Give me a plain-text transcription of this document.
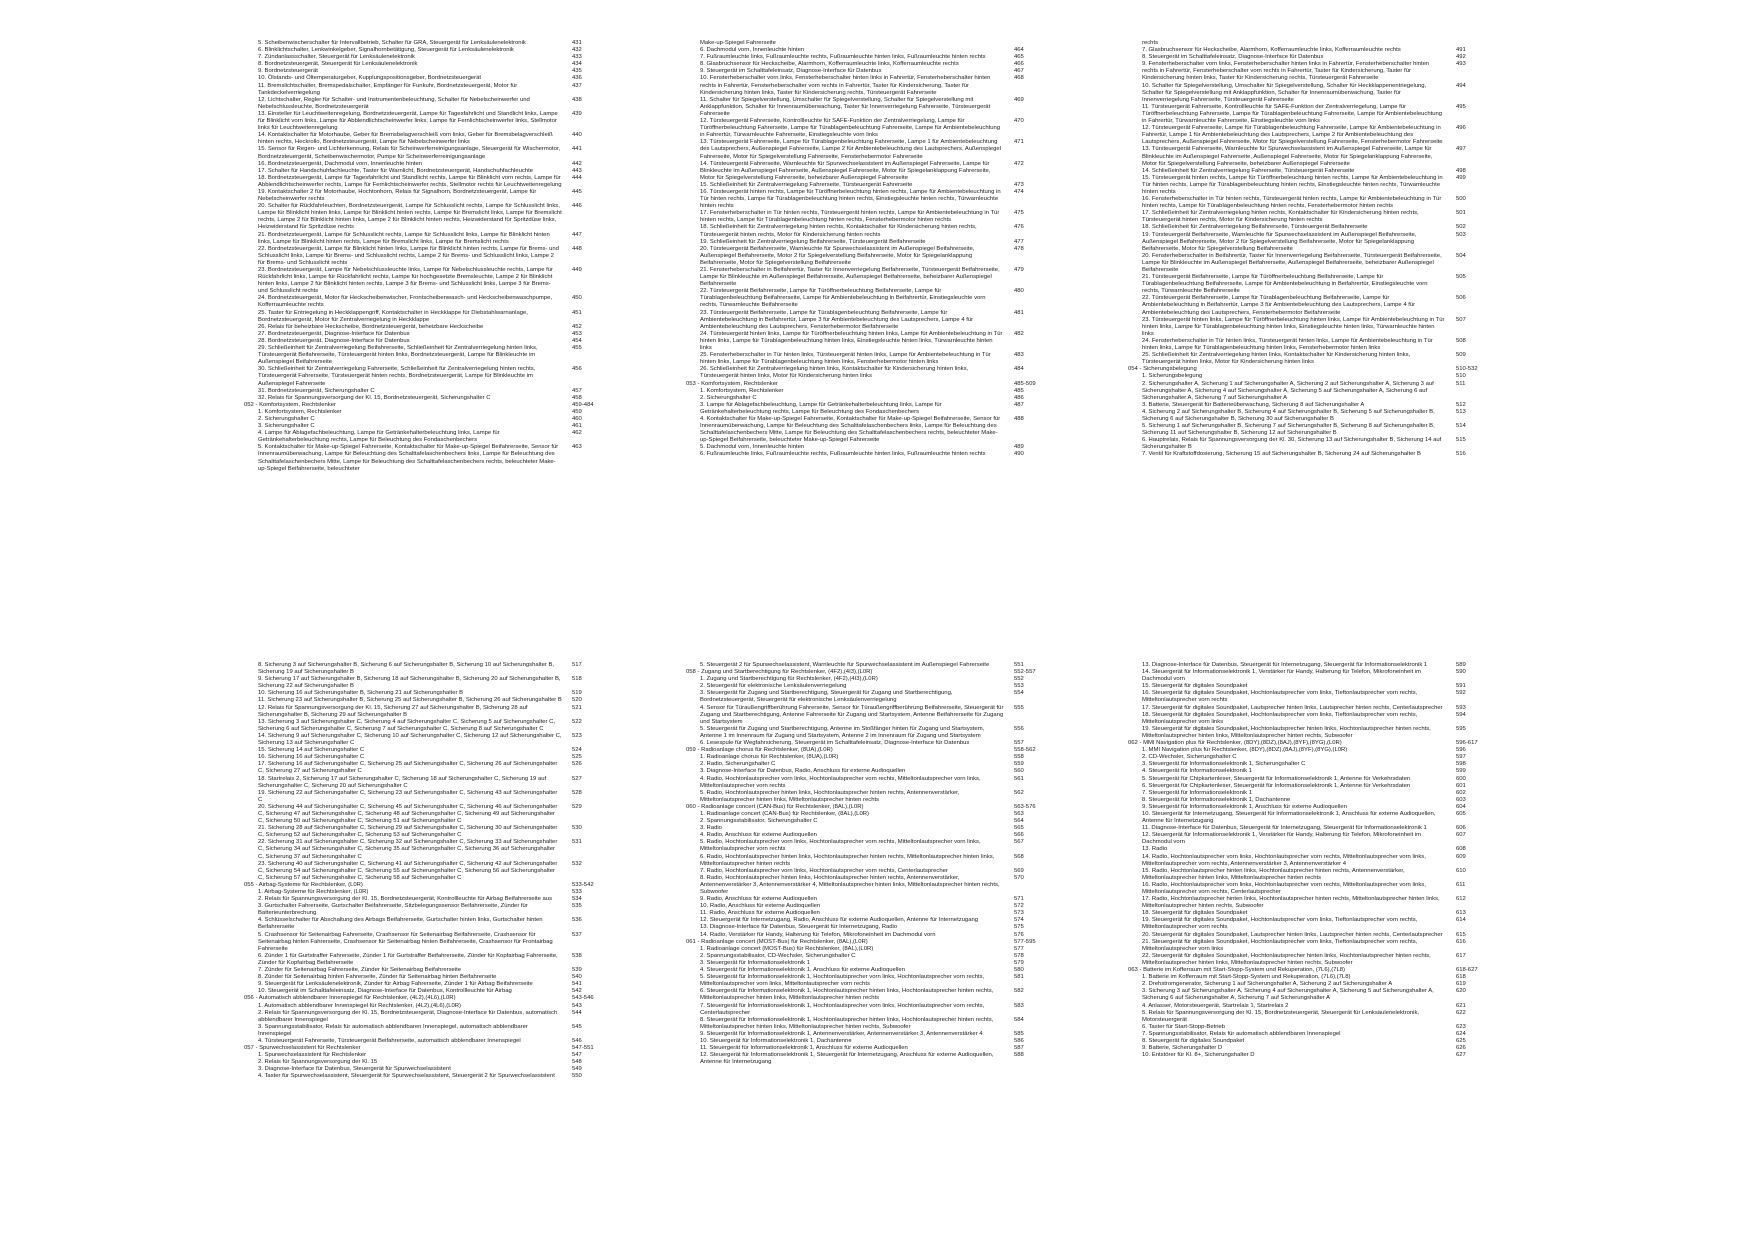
5. Scheibenwischerschalter für Intervallbetrieb, Schalter für GRA, Steuergerät für Lenksäulenelektronik	431
6. Blinklichtschalter, Lenkwinkelgeber, Signalhornbetätigung, Steuergerät für Lenksäulenelektronik	432
7. Zündanlassschalter, Steuergerät für Lenksäulenelektronik	433
8. Bordnetzsteuergerät, Steuergerät für Lenksäulenelektronik	434
9. Bordnetzsteuergerät	435
10. Ölstands- und Öltemperaturgeber, Kupplungspositionsgeber, Bordnetzsteuergerät	436
11. Bremslichtschalter, Bremspedalschalter, Empfänger für Funkuhr, Bordnetzsteuergerät, Motor für Tankdeckelverriegelung
437
12. Lichtschalter, Regler für Schalter- und Instrumentenbeleuchtung, Schalter für Nebelscheinwerfer und Nebelschlussleuchte, Bordnetzsteuergerät
438
13. Einsteller für Leuchtweitenregelung, Bordnetzsteuergerät, Lampe für Tagesfahrlicht und Standlicht links, Lampe für Blinklicht vorn links, Lampe für Abblendlichtscheinwerfer links, Lampe für Fernlichtscheinwerfer links, Stellmotor links für Leuchtweitenregelung
439
14. Kontaktschalter für Motorhaube, Geber für Bremsbelagverschleiß vorn links, Geber für Bremsbelagverschleiß hinten rechts, Heckrollo, Bordnetzsteuergerät, Lampe für Nebelscheinwerfer links
440
15. Sensor für Regen- und Lichterkennung, Relais für Scheinwerferreinigungsanlage, Steuergerät für Wischermotor, Bordnetzsteuergerät, Scheibenwischermotor, Pumpe für Scheinwerferreinigungsanlage
441
16. Bordnetzsteuergerät, Dachmodul vorn, Innenleuchte hinten	442
17. Schalter für Handschuhfachleuchte, Taster für Warnlicht, Bordnetzsteuergerät, Handschuhfachleuchte	443
18. Bordnetzsteuergerät, Lampe für Tagesfahrlicht und Standlicht rechts, Lampe für Blinklicht vorn rechts, Lampe für Abblendlichtscheinwerfer rechts, Lampe für Fernlichtscheinwerfer rechts, Stellmotor rechts für Leuchtweitenregelung
444
19. Kontaktschalter 2 für Motorhaube, Hochtonhorn, Relais für Signalhorn, Bordnetzsteuergerät, Lampe für Nebelscheinwerfer rechts
445
20. Schalter für Rückfahrleuchten, Bordnetzsteuergerät, Lampe für Schlusslicht rechts, Lampe für Schlusslicht links, Lampe für Blinklicht hinten links, Lampe für Blinklicht hinten rechts, Lampe für Bremslicht links, Lampe für Bremslicht rechts, Lampe 2 für Blinklicht hinten links, Lampe 2 für Blinklicht hinten rechts, Heizwiderstand für Spritzdüse links, Heizwiderstand für Spritzdüse rechts
446
21. Bordnetzsteuergerät, Lampe für Schlusslicht rechts, Lampe für Schlusslicht links, Lampe für Blinklicht hinten links, Lampe für Blinklicht hinten rechts, Lampe für Bremslicht links, Lampe für Bremslicht rechts
447
22. Bordnetzsteuergerät, Lampe für Blinklicht hinten links, Lampe für Blinklicht hinten rechts, Lampe für Brems- und Schlusslicht links, Lampe für Brems- und Schlusslicht rechts, Lampe 2 für Brems- und Schlusslicht links, Lampe 2 für Brems- und Schlusslicht rechts
448
23. Bordnetzsteuergerät, Lampe für Nebelschlussleuchte links, Lampe für Nebelschlussleuchte rechts, Lampe für Rückfahrlicht links, Lampe für Rückfahrlicht rechts, Lampe für hochgesetzte Bremsleuchte, Lampe 2 für Blinklicht hinten links, Lampe 2 für Blinklicht hinten rechts, Lampe 3 für Brems- und Schlusslicht links, Lampe 3 für Brems- und Schlusslicht rechts
449
24. Bordnetzsteuergerät, Motor für Heckscheibenwischer, Frontscheibenwasch- und Heckscheibenwaschpumpe, Kofferraumleuchte rechts
450
25. Taster für Entriegelung in Heckklappengriff, Kontaktschalter in Heckklappe für Diebstahlwarnanlage, Bordnetzsteuergerät, Motor für Zentralverriegelung in Heckklappe
451
26. Relais für beheizbare Heckscheibe, Bordnetzsteuergerät, beheizbare Heckscheibe	452
27. Bordnetzsteuergerät, Diagnose-Interface für Datenbus	453
28. Bordnetzsteuergerät, Diagnose-Interface für Datenbus	454
29. Schließeinheit für Zentralverriegelung Beifahrerseite, Schließeinheit für Zentralverriegelung hinten links, Türsteuergerät Beifahrerseite, Türsteuergerät hinten links, Bordnetzsteuergerät, Lampe für Blinkleuchte im Außenspiegel Beifahrerseite
455
30. Schließeinheit für Zentralverriegelung Fahrerseite, Schließeinheit für Zentralverriegelung hinten rechts, Türsteuergerät Fahrerseite, Türsteuergerät hinten rechts, Bordnetzsteuergerät, Lampe für Blinkleuchte im Außenspiegel Fahrerseite
456
31. Bordnetzsteuergerät, Sicherungshalter C	457
32. Relais für Spannungsversorgung der Kl. 15, Bordnetzsteuergerät, Sicherungshalter C	458
052 - Komfortsystem, Rechtslenker	459-484
1. Komfortsystem, Rechtslenker	459
2. Sicherungshalter C	460
3. Sicherungshalter C	461
4. Lampe für Ablagefachbeleuchtung, Lampe für Getränkehalterbeleuchtung links, Lampe für Getränkehalterbeleuchtung rechts, Lampe für Beleuchtung des Fondaschenbechers
462
5. Kontaktschalter für Make-up-Spiegel Fahrerseite, Kontaktschalter für Make-up-Spiegel Beifahrerseite, Sensor für Innenraumüberwachung, Lampe für Beleuchtung des Schalttafelaschenbechers links, Lampe für Beleuchtung des Schalttafelaschenbechers Mitte, Lampe für Beleuchtung des Schalttafelaschenbechers rechts, beleuchteter Make-up-Spiegel Beifahrerseite, beleuchteter
463
Make-up-Spiegel Fahrerseite
6. Dachmodul vorn, Innenleuchte hinten	464
7. Fußraumleuchte links, Fußraumleuchte rechts, Fußraumleuchte hinten links, Fußraumleuchte hinten rechts	465
8. Glasbruchsensor für Heckscheibe, Alarmhorn, Kofferraumleuchte links, Kofferraumleuchte rechts	466
9. Steuergerät im Schalttafeleinsatz, Diagnose-Interface für Datenbus	467
10. Fensterheberschalter vorn links, Fensterheberschalter hinten links in Fahrertür, Fensterheberschalter hinten rechts in Fahrertür, Fensterheberschalter vorn rechts in Fahrertür, Taster für Kindersicherung, Taster für Kindersicherung hinten links, Taster für Kindersicherung rechts, Türsteuergerät Fahrerseite
468
11. Schalter für Spiegelverstellung, Umschalter für Spiegelverstellung, Schalter für Spiegelverstellung mit Anklappfunktion, Schalter für Innenraumüberwachung, Taster für Innenverriegelung Fahrerseite, Türsteuergerät Fahrerseite
469
12. Türsteuergerät Fahrerseite, Kontrollleuchte für SAFE-Funktion der Zentralverriegelung, Lampe für Türöffnerbeleuchtung Fahrerseite, Lampe für Türablagenbeleuchtung Fahrerseite, Lampe für Ambientebeleuchtung in Fahrertür, Türwarnleuchte Fahrerseite, Einstiegsleuchte vorn links
470
13. Türsteuergerät Fahrerseite, Lampe für Türablagenbeleuchtung Fahrerseite, Lampe 1 für Ambientebeleuchtung des Lautsprechers, Außenspiegel Fahrerseite, Lampe 2 für Ambientebeleuchtung des Lautsprechers, Außenspiegel Fahrerseite, Motor für Spiegelverstellung Fahrerseite, Fensterhebermotor Fahrerseite
471
14. Türsteuergerät Fahrerseite, Warnleuchte für Spurwechselassistent im Außenspiegel Fahrerseite, Lampe für Blinkleuchte im Außenspiegel Fahrerseite, Außenspiegel Fahrerseite, Motor für Spiegelanklappung Fahrerseite, Motor für Spiegelverstellung Fahrerseite, beheizbarer Außenspiegel Fahrerseite
472
15. Schließeinheit für Zentralverriegelung Fahrerseite, Türsteuergerät Fahrerseite	473
16. Türsteuergerät hinten rechts, Lampe für Türöffnerbeleuchtung hinten rechts, Lampe für Ambientebeleuchtung in Tür hinten rechts, Lampe für Türablagenbeleuchtung hinten rechts, Einstiegsleuchte hinten rechts, Türwarnleuchte hinten rechts
474
17. Fensterheberschalter in Tür hinten rechts, Türsteuergerät hinten rechts, Lampe für Ambientebeleuchtung in Tür hinten rechts, Lampe für Türablagenbeleuchtung hinten rechts, Fensterhebermotor hinten rechts
475
18. Schließeinheit für Zentralverriegelung hinten rechts, Kontaktschalter für Kindersicherung hinten rechts, Türsteuergerät hinten rechts, Motor für Kindersicherung hinten rechts
476
19. Schließeinheit für Zentralverriegelung Beifahrerseite, Türsteuergerät Beifahrerseite	477
20. Türsteuergerät Beifahrerseite, Warnleuchte für Spurwechselassistent im Außenspiegel Beifahrerseite, Außenspiegel Beifahrerseite, Motor 2 für Spiegelverstellung Beifahrerseite, Motor für Spiegelanklappung Beifahrerseite, Motor für Spiegelverstellung Beifahrerseite
478
21. Fensterheberschalter in Beifahrertür, Taster für Innenverriegelung Beifahrerseite, Türsteuergerät Beifahrerseite, Lampe für Blinkleuchte im Außenspiegel Beifahrerseite, Außenspiegel Beifahrerseite, beheizbarer Außenspiegel Beifahrerseite
479
22. Türsteuergerät Beifahrerseite, Lampe für Türöffnerbeleuchtung Beifahrerseite, Lampe für Türablagenbeleuchtung Beifahrerseite, Lampe für Ambientebeleuchtung in Beifahrertür, Einstiegsleuchte vorn rechts, Türwarnleuchte Beifahrerseite
480
23. Türsteuergerät Beifahrerseite, Lampe für Türablagenbeleuchtung Beifahrerseite, Lampe für Ambientebeleuchtung in Beifahrertür, Lampe 3 für Ambientebeleuchtung des Lautsprechers, Lampe 4 für Ambientebeleuchtung des Lautsprechers, Fensterhebermotor Beifahrerseite
481
24. Türsteuergerät hinten links, Lampe für Türöffnerbeleuchtung hinten links, Lampe für Ambientebeleuchtung in Tür hinten links, Lampe für Türablagenbeleuchtung hinten links, Einstiegsleuchte hinten links, Türwarnleuchte hinten links
482
25. Fensterheberschalter in Tür hinten links, Türsteuergerät hinten links, Lampe für Ambientebeleuchtung in Tür hinten links, Lampe für Türablagenbeleuchtung hinten links, Fensterhebermotor hinten links
483
26. Schließeinheit für Zentralverriegelung hinten links, Kontaktschalter für Kindersicherung hinten links, Türsteuergerät hinten links, Motor für Kindersicherung hinten links
484
053 - Komfortsystem, Rechtslenker	485-509
1. Komfortsystem, Rechtslenker	485
2. Sicherungshalter C	486
3. Lampe für Ablagefachbeleuchtung, Lampe für Getränkehalterbeleuchtung links, Lampe für Getränkehalterbeleuchtung rechts, Lampe für Beleuchtung des Fondaschenbechers
487
4. Kontaktschalter für Make-up-Spiegel Fahrerseite, Kontaktschalter für Make-up-Spiegel Beifahrerseite, Sensor für Innenraumüberwachung, Lampe für Beleuchtung des Schalttafelaschenbechers links, Lampe für Beleuchtung des Schalttafelaschenbechers Mitte, Lampe für Beleuchtung des Schalttafelaschenbechers rechts, beleuchteter Make-up-Spiegel Beifahrerseite, beleuchteter Make-up-Spiegel Fahrerseite
488
5. Dachmodul vorn, Innenleuchte hinten	489
6. Fußraumleuchte links, Fußraumleuchte rechts, Fußraumleuchte hinten links, Fußraumleuchte hinten rechts	490
rechts
7. Glasbruchsensor für Heckscheibe, Alarmhorn, Kofferraumleuchte links, Kofferraumleuchte rechts	491
8. Steuergerät im Schalttafeleinsatz, Diagnose-Interface für Datenbus	492
9. Fensterheberschalter vorn links, Fensterheberschalter hinten links in Fahrertür, Fensterheberschalter hinten rechts in Fahrertür, Fensterheberschalter vorn rechts in Fahrertür, Taster für Kindersicherung, Taster für Kindersicherung hinten links, Taster für Kindersicherung rechts, Türsteuergerät Fahrerseite
493
10. Schalter für Spiegelverstellung, Umschalter für Spiegelverstellung, Schalter für Heckklappenentriegelung, Schalter für Spiegelverstellung mit Anklappfunktion, Schalter für Innenraumüberwachung, Taster für Innenverriegelung Fahrerseite, Türsteuergerät Fahrerseite
494
11. Türsteuergerät Fahrerseite, Kontrollleuchte für SAFE-Funktion der Zentralverriegelung, Lampe für Türöffnerbeleuchtung Fahrerseite, Lampe für Türablagenbeleuchtung Fahrerseite, Lampe für Ambientebeleuchtung in Fahrertür, Türwarnleuchte Fahrerseite, Einstiegsleuchte vorn links
495
12. Türsteuergerät Fahrerseite, Lampe für Türablagenbeleuchtung Fahrerseite, Lampe für Ambientebeleuchtung in Fahrertür, Lampe 1 für Ambientebeleuchtung des Lautsprechers, Lampe 2 für Ambientebeleuchtung des Lautsprechers, Außenspiegel Fahrerseite, Motor für Spiegelverstellung Fahrerseite, Fensterhebermotor Fahrerseite
496
13. Türsteuergerät Fahrerseite, Warnleuchte für Spurwechselassistent im Außenspiegel Fahrerseite, Lampe für Blinkleuchte im Außenspiegel Fahrerseite, Außenspiegel Fahrerseite, Motor für Spiegelanklappung Fahrerseite, Motor für Spiegelverstellung Fahrerseite, beheizbarer Außenspiegel Fahrerseite
497
14. Schließeinheit für Zentralverriegelung Fahrerseite, Türsteuergerät Fahrerseite	498
15. Türsteuergerät hinten rechts, Lampe für Türöffnerbeleuchtung hinten rechts, Lampe für Ambientebeleuchtung in Tür hinten rechts, Lampe für Türablagenbeleuchtung hinten rechts, Einstiegsleuchte hinten rechts, Türwarnleuchte hinten rechts
499
16. Fensterheberschalter in Tür hinten rechts, Türsteuergerät hinten rechts, Lampe für Ambientebeleuchtung in Tür hinten rechts, Lampe für Türablagenbeleuchtung hinten rechts, Fensterhebermotor hinten rechts
500
17. Schließeinheit für Zentralverriegelung hinten rechts, Kontaktschalter für Kindersicherung hinten rechts, Türsteuergerät hinten rechts, Motor für Kindersicherung hinten rechts
501
18. Schließeinheit für Zentralverriegelung Beifahrerseite, Türsteuergerät Beifahrerseite	502
19. Türsteuergerät Beifahrerseite, Warnleuchte für Spurwechselassistent im Außenspiegel Beifahrerseite, Außenspiegel Beifahrerseite, Motor 2 für Spiegelverstellung Beifahrerseite, Motor für Spiegelanklappung Beifahrerseite, Motor für Spiegelverstellung Beifahrerseite
503
20. Fensterheberschalter in Beifahrertür, Taster für Innenverriegelung Beifahrerseite, Türsteuergerät Beifahrerseite, Lampe für Blinkleuchte im Außenspiegel Beifahrerseite, Außenspiegel Beifahrerseite, beheizbarer Außenspiegel Beifahrerseite
504
21. Türsteuergerät Beifahrerseite, Lampe für Türöffnerbeleuchtung Beifahrerseite, Lampe für Türablagenbeleuchtung Beifahrerseite, Lampe für Ambientebeleuchtung in Beifahrertür, Einstiegsleuchte vorn rechts, Türwarnleuchte Beifahrerseite
505
22. Türsteuergerät Beifahrerseite, Lampe für Türablagenbeleuchtung Beifahrerseite, Lampe für Ambientebeleuchtung in Beifahrertür, Lampe 3 für Ambientebeleuchtung des Lautsprechers, Lampe 4 für Ambientebeleuchtung des Lautsprechers, Fensterhebermotor Beifahrerseite
506
23. Türsteuergerät hinten links, Lampe für Türöffnerbeleuchtung hinten links, Lampe für Ambientebeleuchtung in Tür hinten links, Lampe für Türablagenbeleuchtung hinten links, Einstiegsleuchte hinten links, Türwarnleuchte hinten links
507
24. Fensterheberschalter in Tür hinten links, Türsteuergerät hinten links, Lampe für Ambientebeleuchtung in Tür hinten links, Lampe für Türablagenbeleuchtung hinten links, Fensterhebermotor hinten links
508
25. Schließeinheit für Zentralverriegelung hinten links, Kontaktschalter für Kindersicherung hinten links, Türsteuergerät hinten links, Motor für Kindersicherung hinten links
509
054 - Sicherungsbelegung	510-532
1. Sicherungsbelegung	510
2. Sicherungshalter A, Sicherung 1 auf Sicherungshalter A, Sicherung 2 auf Sicherungshalter A, Sicherung 3 auf Sicherungshalter A, Sicherung 4 auf Sicherungshalter A, Sicherung 5 auf Sicherungshalter A, Sicherung 6 auf Sicherungshalter A, Sicherung 7 auf Sicherungshalter A
511
3. Batterie, Steuergerät für Batterieüberwachung, Sicherung 8 auf Sicherungshalter A	512
4. Sicherung 2 auf Sicherungshalter B, Sicherung 4 auf Sicherungshalter B, Sicherung 5 auf Sicherungshalter B, Sicherung 6 auf Sicherungshalter B, Sicherung 30 auf Sicherungshalter B
513
5. Sicherung 1 auf Sicherungshalter B, Sicherung 7 auf Sicherungshalter B, Sicherung 8 auf Sicherungshalter B, Sicherung 11 auf Sicherungshalter B, Sicherung 12 auf Sicherungshalter B
514
6. Hauptrelais, Relais für Spannungsversorgung der Kl. 30, Sicherung 13 auf Sicherungshalter B, Sicherung 14 auf Sicherungshalter B
515
7. Ventil für Kraftstoffdosierung, Sicherung 15 auf Sicherungshalter B, Sicherung 24 auf Sicherungshalter B	516
8. Sicherung 3 auf Sicherungshalter B, Sicherung 6 auf Sicherungshalter B, Sicherung 10 auf Sicherungshalter B, Sicherung 19 auf Sicherungshalter B
517
9. Sicherung 17 auf Sicherungshalter B, Sicherung 18 auf Sicherungshalter B, Sicherung 20 auf Sicherungshalter B, Sicherung 22 auf Sicherungshalter B
518
10. Sicherung 16 auf Sicherungshalter B, Sicherung 21 auf Sicherungshalter B	519
11. Sicherung 23 auf Sicherungshalter B, Sicherung 25 auf Sicherungshalter B, Sicherung 26 auf Sicherungshalter B	520
12. Relais für Spannungsversorgung der Kl. 15, Sicherung 27 auf Sicherungshalter B, Sicherung 28 auf Sicherungshalter B, Sicherung 29 auf Sicherungshalter B
521
13. Sicherung 3 auf Sicherungshalter C, Sicherung 4 auf Sicherungshalter C, Sicherung 5 auf Sicherungshalter C, Sicherung 6 auf Sicherungshalter C, Sicherung 7 auf Sicherungshalter C, Sicherung 8 auf Sicherungshalter C
522
14. Sicherung 9 auf Sicherungshalter C, Sicherung 10 auf Sicherungshalter C, Sicherung 12 auf Sicherungshalter C, Sicherung 13 auf Sicherungshalter C
523
15. Sicherung 14 auf Sicherungshalter C	524
16. Sicherung 16 auf Sicherungshalter C	525
17. Sicherung 16 auf Sicherungshalter C, Sicherung 25 auf Sicherungshalter C, Sicherung 26 auf Sicherungshalter C, Sicherung 27 auf Sicherungshalter C
526
18. Startrelais 2, Sicherung 17 auf Sicherungshalter C, Sicherung 18 auf Sicherungshalter C, Sicherung 19 auf Sicherungshalter C, Sicherung 20 auf Sicherungshalter C
527
19. Sicherung 22 auf Sicherungshalter C, Sicherung 23 auf Sicherungshalter C, Sicherung 43 auf Sicherungshalter C
528
20. Sicherung 44 auf Sicherungshalter C, Sicherung 45 auf Sicherungshalter C, Sicherung 46 auf Sicherungshalter C, Sicherung 47 auf Sicherungshalter C, Sicherung 48 auf Sicherungshalter C, Sicherung 49 auf Sicherungshalter C, Sicherung 50 auf Sicherungshalter C, Sicherung 51 auf Sicherungshalter C
529
21. Sicherung 28 auf Sicherungshalter C, Sicherung 29 auf Sicherungshalter C, Sicherung 30 auf Sicherungshalter C, Sicherung 52 auf Sicherungshalter C, Sicherung 53 auf Sicherungshalter C
530
22. Sicherung 31 auf Sicherungshalter C, Sicherung 32 auf Sicherungshalter C, Sicherung 33 auf Sicherungshalter C, Sicherung 34 auf Sicherungshalter C, Sicherung 35 auf Sicherungshalter C, Sicherung 36 auf Sicherungshalter C, Sicherung 37 auf Sicherungshalter C
531
23. Sicherung 40 auf Sicherungshalter C, Sicherung 41 auf Sicherungshalter C, Sicherung 42 auf Sicherungshalter C, Sicherung 54 auf Sicherungshalter C, Sicherung 55 auf Sicherungshalter C, Sicherung 56 auf Sicherungshalter C, Sicherung 57 auf Sicherungshalter C, Sicherung 58 auf Sicherungshalter C
532
055 - Airbag-Systeme für Rechtslenker, (L0R)	533-542
1. Airbag-Systeme für Rechtslenker, (L0R)	533
2. Relais für Spannungsversorgung der Kl. 15, Bordnetzsteuergerät, Kontrollleuchte für Airbag Beifahrerseite aus	534
3. Gurtschalter Fahrerseite, Gurtschalter Beifahrerseite, Sitzbelegungssensor Beifahrerseite, Zünder für Batterieunterbrechung
535
4. Schlüsselschalter für Abschaltung des Airbags Beifahrerseite, Gurtschalter hinten links, Gurtschalter hinten Beifahrerseite
536
5. Crashsensor für Seitenairbag Fahrerseite, Crashsensor für Seitenairbag Beifahrerseite, Crashsensor für Seitenairbag hinten Fahrerseite, Crashsensor für Seitenairbag hinten Beifahrerseite, Crashsensor für Frontairbag Fahrerseite
537
6. Zünder 1 für Gurtstraffer Fahrerseite, Zünder 1 für Gurtstraffer Beifahrerseite, Zünder für Kopfairbag Fahrerseite, Zünder für Kopfairbag Beifahrerseite
538
7. Zünder für Seitenairbag Fahrerseite, Zünder für Seitenairbag Beifahrerseite	539
8. Zünder für Seitenairbag hinten Fahrerseite, Zünder für Seitenairbag hinten Beifahrerseite	540
9. Steuergerät für Lenksäulenelektronik, Zünder für Airbag Fahrerseite, Zünder 1 für Airbag Beifahrerseite	541
10. Steuergerät im Schalttafeleinsatz, Diagnose-Interface für Datenbus, Kontrollleuchte für Airbag	542
056 - Automatisch abblendbarer Innenspiegel für Rechtslenker, (4L2),(4L6),(L0R)	543-546
1. Automatisch abblendbarer Innenspiegel für Rechtslenker, (4L2),(4L6),(L0R)	543
2. Relais für Spannungsversorgung der Kl. 15, Bordnetzsteuergerät, Diagnose-Interface für Datenbus, automatisch abblendbarer Innenspiegel
544
3. Spannungsstabilisator, Relais für automatisch abblendbaren Innenspiegel, automatisch abblendbarer Innenspiegel
545
4. Türsteuergerät Fahrerseite, Türsteuergerät Beifahrerseite, automatisch abblendbarer Innenspiegel	546
057 - Spurwechselassistent für Rechtslenker	547-551
1. Spurwechselassistent für Rechtslenker	547
2. Relais für Spannungsversorgung der Kl. 15	548
3. Diagnose-Interface für Datenbus, Steuergerät für Spurwechselassistent	549
4. Taster für Spurwechselassistent, Steuergerät für Spurwechselassistent, Steuergerät 2 für Spurwechselassistent	550
5. Steuergerät 2 für Spurwechselassistent, Warnleuchte für Spurwechselassistent im Außenspiegel Fahrerseite	551
058 - Zugang und Startberechtigung für Rechtslenker, (4F2),(4I3),(L0R)	552-557
1. Zugang und Startberechtigung für Rechtslenker, (4F2),(4I3),(L0R)	552
2. Steuergerät für elektronische Lenksäulenverriegelung	553
3. Steuergerät für Zugang und Startberechtigung, Steuergerät für Zugang und Startberechtigung, Bordnetzsteuergerät, Steuergerät für elektronische Lenksäulenverriegelung
554
4. Sensor für Türaußengriffberührung Fahrerseite, Sensor für Türaußengriffberührung Beifahrerseite, Steuergerät für Zugang und Startberechtigung, Antenne Fahrerseite für Zugang und Startsystem, Antenne Beifahrerseite für Zugang und Startsystem
555
5. Steuergerät für Zugang und Startberechtigung, Antenne im Stoßfänger hinten für Zugang und Startsystem, Antenne 1 im Innenraum für Zugang und Startsystem, Antenne 2 im Innenraum für Zugang und Startsystem
556
6. Lesespule für Wegfahrsicherung, Steuergerät im Schalttafeleinsatz, Diagnose-Interface für Datenbus	557
059 - Radioanlage chorus für Rechtslenker, (8UA),(L0R)	558-562
1. Radioanlage chorus für Rechtslenker, (8UA),(L0R)	558
2. Radio, Sicherungshalter C	559
3. Diagnose-Interface für Datenbus, Radio, Anschluss für externe Audioquellen	560
4. Radio, Hochtonlautsprecher vorn links, Hochtonlautsprecher vorn rechts, Mitteltonlautsprecher vorn links, Mitteltonlautsprecher vorn rechts
561
5. Radio, Hochtonlautsprecher hinten links, Hochtonlautsprecher hinten rechts, Antennenverstärker, Mitteltonlautsprecher hinten links, Mitteltonlautsprecher hinten rechts
562
060 - Radioanlage concert (CAN-Bus) für Rechtslenker, (8AL),(L0R)	563-576
1. Radioanlage concert (CAN-Bus) für Rechtslenker, (8AL),(L0R)	563
2. Spannungsstabilisator, Sicherungshalter C	564
3. Radio	565
4. Radio, Anschluss für externe Audioquellen	566
5. Radio, Hochtonlautsprecher vorn links, Hochtonlautsprecher vorn rechts, Mitteltonlautsprecher vorn links, Mitteltonlautsprecher vorn rechts
567
6. Radio, Hochtonlautsprecher hinten links, Hochtonlautsprecher hinten rechts, Mitteltonlautsprecher hinten links, Mitteltonlautsprecher hinten rechts
568
7. Radio, Hochtonlautsprecher vorn links, Hochtonlautsprecher vorn rechts, Centerlautsprecher	569
8. Radio, Hochtonlautsprecher hinten links, Hochtonlautsprecher hinten rechts, Antennenverstärker, Antennenverstärker 3, Antennenverstärker 4, Mitteltonlautsprecher hinten links, Mitteltonlautsprecher hinten rechts, Subwoofer
570
9. Radio, Anschluss für externe Audioquellen	571
10. Radio, Anschluss für externe Audioquellen	572
11. Radio, Anschluss für externe Audioquellen	573
12. Steuergerät für Internetzugang, Radio, Anschluss für externe Audioquellen, Antenne für Internetzugang	574
13. Diagnose-Interface für Datenbus, Steuergerät für Internetzugang, Radio	575
14. Radio, Verstärker für Handy, Halterung für Telefon, Mikrofoneinheit im Dachmodul vorn	576
061 - Radioanlage concert (MOST-Bus) für Rechtslenker, (8AL),(L0R)	577-595
1. Radioanlage concert (MOST-Bus) für Rechtslenker, (8AL),(L0R)	577
2. Spannungsstabilisator, CD-Wechsler, Sicherungshalter C	578
3. Steuergerät für Informationselektronik 1	579
4. Steuergerät für Informationselektronik 1, Anschluss für externe Audioquellen	580
5. Steuergerät für Informationselektronik 1, Hochtonlautsprecher vorn links, Hochtonlautsprecher vorn rechts, Mitteltonlautsprecher vorn links, Mitteltonlautsprecher vorn rechts
581
6. Steuergerät für Informationselektronik 1, Hochtonlautsprecher hinten links, Hochtonlautsprecher hinten rechts, Mitteltonlautsprecher hinten links, Mitteltonlautsprecher hinten rechts
582
7. Steuergerät für Informationselektronik 1, Hochtonlautsprecher vorn links, Hochtonlautsprecher vorn rechts, Centerlautsprecher
583
8. Steuergerät für Informationselektronik 1, Hochtonlautsprecher hinten links, Hochtonlautsprecher hinten rechts, Mitteltonlautsprecher hinten links, Mitteltonlautsprecher hinten rechts, Subwoofer
584
9. Steuergerät für Informationselektronik 1, Antennenverstärker, Antennenverstärker 3, Antennenverstärker 4	585
10. Steuergerät für Informationselektronik 1, Dachantenne	586
11. Steuergerät für Informationselektronik 1, Anschluss für externe Audioquellen	587
12. Steuergerät für Informationselektronik 1, Steuergerät für Internetzugang, Anschluss für externe Audioquellen, Antenne für Internetzugang
588
13. Diagnose-Interface für Datenbus, Steuergerät für Internetzugang, Steuergerät für Informationselektronik 1	589
14. Steuergerät für Informationselektronik 1, Verstärker für Handy, Halterung für Telefon, Mikrofoneinheit im Dachmodul vorn
590
15. Steuergerät für digitales Soundpaket	591
16. Steuergerät für digitales Soundpaket, Hochtonlautsprecher vorn links, Tieftonlautsprecher vorn rechts, Mitteltonlautsprecher vorn rechts
592
17. Steuergerät für digitales Soundpaket, Lautsprecher hinten links, Lautsprecher hinten rechts, Centerlautsprecher	593
18. Steuergerät für digitales Soundpaket, Hochtonlautsprecher vorn links, Tieftonlautsprecher vorn rechts, Mitteltonlautsprecher vorn links
594
19. Steuergerät für digitales Soundpaket, Hochtonlautsprecher hinten links, Hochtonlautsprecher hinten rechts, Mitteltonlautsprecher hinten links, Mitteltonlautsprecher hinten rechts, Subwoofer
595
062 - MMI Navigation plus für Rechtslenker, (8DY),(8DZ),(8AJ),(8YF),(8YG),(L0R)	596-617
1. MMI Navigation plus für Rechtslenker, (8DY),(8DZ),(8AJ),(8YF),(8YG),(L0R)	596
2. CD-Wechsler, Sicherungshalter C	597
3. Steuergerät für Informationselektronik 1, Sicherungshalter C	598
4. Steuergerät für Informationselektronik 1	599
5. Steuergerät für Chipkartenleser, Steuergerät für Informationselektronik 1, Antenne für Verkehrsdaten	600
6. Steuergerät für Chipkartenleser, Steuergerät für Informationselektronik 1, Antenne für Verkehrsdaten	601
7. Steuergerät für Informationselektronik 1	602
8. Steuergerät für Informationselektronik 1, Dachantenne	603
9. Steuergerät für Informationselektronik 1, Anschluss für externe Audioquellen	604
10. Steuergerät für Internetzugang, Steuergerät für Informationselektronik 1, Anschluss für externe Audioquellen, Antenne für Internetzugang
605
11. Diagnose-Interface für Datenbus, Steuergerät für Internetzugang, Steuergerät für Informationselektronik 1	606
12. Steuergerät für Informationselektronik 1, Verstärker für Handy, Halterung für Telefon, Mikrofoneinheit im Dachmodul vorn
607
13. Radio	608
14. Radio, Hochtonlautsprecher vorn links, Hochtonlautsprecher vorn rechts, Mitteltonlautsprecher vorn links, Mitteltonlautsprecher vorn rechts, Antennenverstärker 3, Antennenverstärker 4
609
15. Radio, Hochtonlautsprecher hinten links, Hochtonlautsprecher hinten rechts, Antennenverstärker, Mitteltonlautsprecher hinten links, Mitteltonlautsprecher hinten rechts
610
16. Radio, Hochtonlautsprecher vorn links, Hochtonlautsprecher vorn rechts, Mitteltonlautsprecher vorn links, Mitteltonlautsprecher vorn rechts, Centerlautsprecher
611
17. Radio, Hochtonlautsprecher hinten links, Hochtonlautsprecher hinten rechts, Mitteltonlautsprecher hinten links, Mitteltonlautsprecher hinten rechts, Subwoofer
612
18. Steuergerät für digitales Soundpaket	613
19. Steuergerät für digitales Soundpaket, Hochtonlautsprecher vorn links, Tieftonlautsprecher vorn rechts, Mitteltonlautsprecher vorn rechts
614
20. Steuergerät für digitales Soundpaket, Lautsprecher hinten links, Lautsprecher hinten rechts, Centerlautsprecher	615
21. Steuergerät für digitales Soundpaket, Hochtonlautsprecher vorn links, Tieftonlautsprecher vorn rechts, Mitteltonlautsprecher vorn links
616
22. Steuergerät für digitales Soundpaket, Hochtonlautsprecher hinten links, Hochtonlautsprecher hinten rechts, Mitteltonlautsprecher hinten links, Mitteltonlautsprecher hinten rechts, Subwoofer
617
063 - Batterie im Kofferraum mit Start-Stopp-System und Rekuperation, (7L6),(7L8)	618-627
1. Batterie im Kofferraum mit Start-Stopp-System und Rekuperation, (7L6),(7L8)	618
2. Drehstromgenerator, Sicherung 1 auf Sicherungshalter A, Sicherung 2 auf Sicherungshalter A	619
3. Sicherung 3 auf Sicherungshalter A, Sicherung 4 auf Sicherungshalter A, Sicherung 5 auf Sicherungshalter A, Sicherung 6 auf Sicherungshalter A, Sicherung 7 auf Sicherungshalter A
620
4. Anlasser, Motorsteuergerät, Startrelais 1, Startrelais 2	621
5. Relais für Spannungsversorgung der Kl. 15, Bordnetzsteuergerät, Steuergerät für Lenksäulenelektronik, Motorsteuergerät
622
6. Taster für Start-Stopp-Betrieb	623
7. Spannungsstabilisator, Relais für automatisch abblendbaren Innenspiegel	624
8. Steuergerät für digitales Soundpaket	625
9. Batterie, Sicherungshalter D	626
10. Entstörer für Kl. 8+, Sicherungshalter D	627
